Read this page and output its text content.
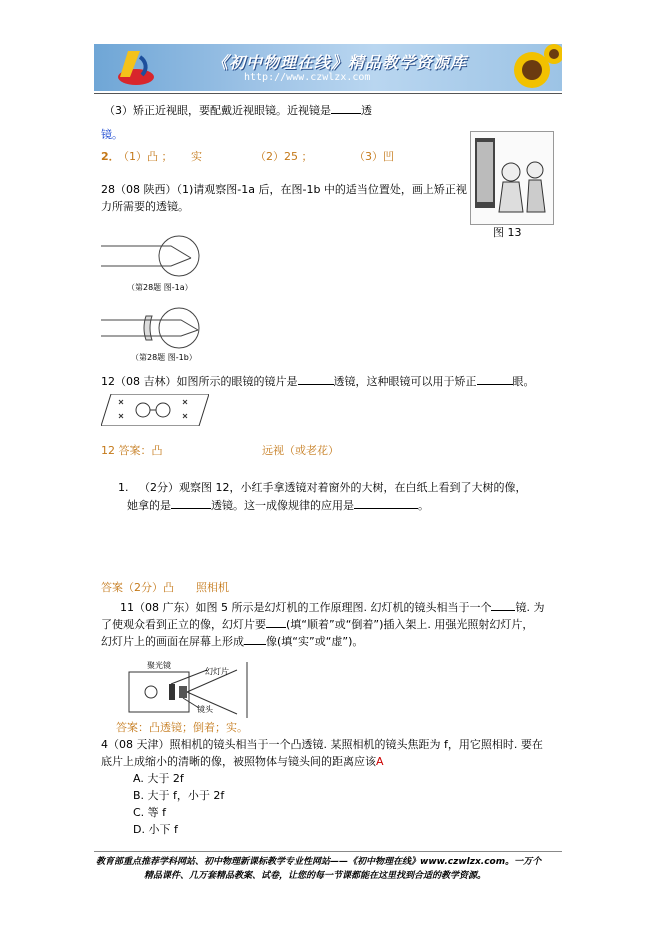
《初中物理在线》精品教学资源库
http://www.czwlzx.com
（3）矫正近视眼，要配戴近视眼镜。近视镜是	透
镜。
2．
（1）凸 ； 实	（2）25 ；	（3）凹
图 13
28（08 陕西）（1)请观察图-1a 后，在图-1b 中的适当位置处，画上矫正视
力所需要的透镜。
（第28题 图-1a）
（第28题 图-1b）
12（08 吉林）如图所示的眼镜的镜片是	透镜，这种眼镜可以用于矫正	眼。
12 答案：凸	远视（或老花）
1. （2分）观察图 12，小红手拿透镜对着窗外的大树，在白纸上看到了大树的像，
她拿的是	透镜。这一成像规律的应用是	。
答案（2分）凸 照相机
11（08 广东）如图 5 所示是幻灯机的工作原理图. 幻灯机的镜头相当于一个 镜. 为
了使观众看到正立的像，幻灯片要 (填“顺着”或“倒着”)插入架上. 用强光照射幻灯片，
幻灯片上的画面在屏幕上形成 像(填“实”或“虚”)。
聚光镜
幻灯片
镜头
答案：凸透镜；倒着；实。
4（08 天津）照相机的镜头相当于一个凸透镜. 某照相机的镜头焦距为 f，用它照相时. 要在
底片上成缩小的清晰的像，被照物体与镜头间的距离应该A
A. 大于 2f
B. 大于 f，小于 2f
C. 等 f
D. 小下 f
教育部重点推荐学科网站、初中物理新课标教学专业性网站——《初中物理在线》www.czwlzx.com。一万个
精品课件、几万套精品教案、试卷，让您的每一节课都能在这里找到合适的教学资源。
